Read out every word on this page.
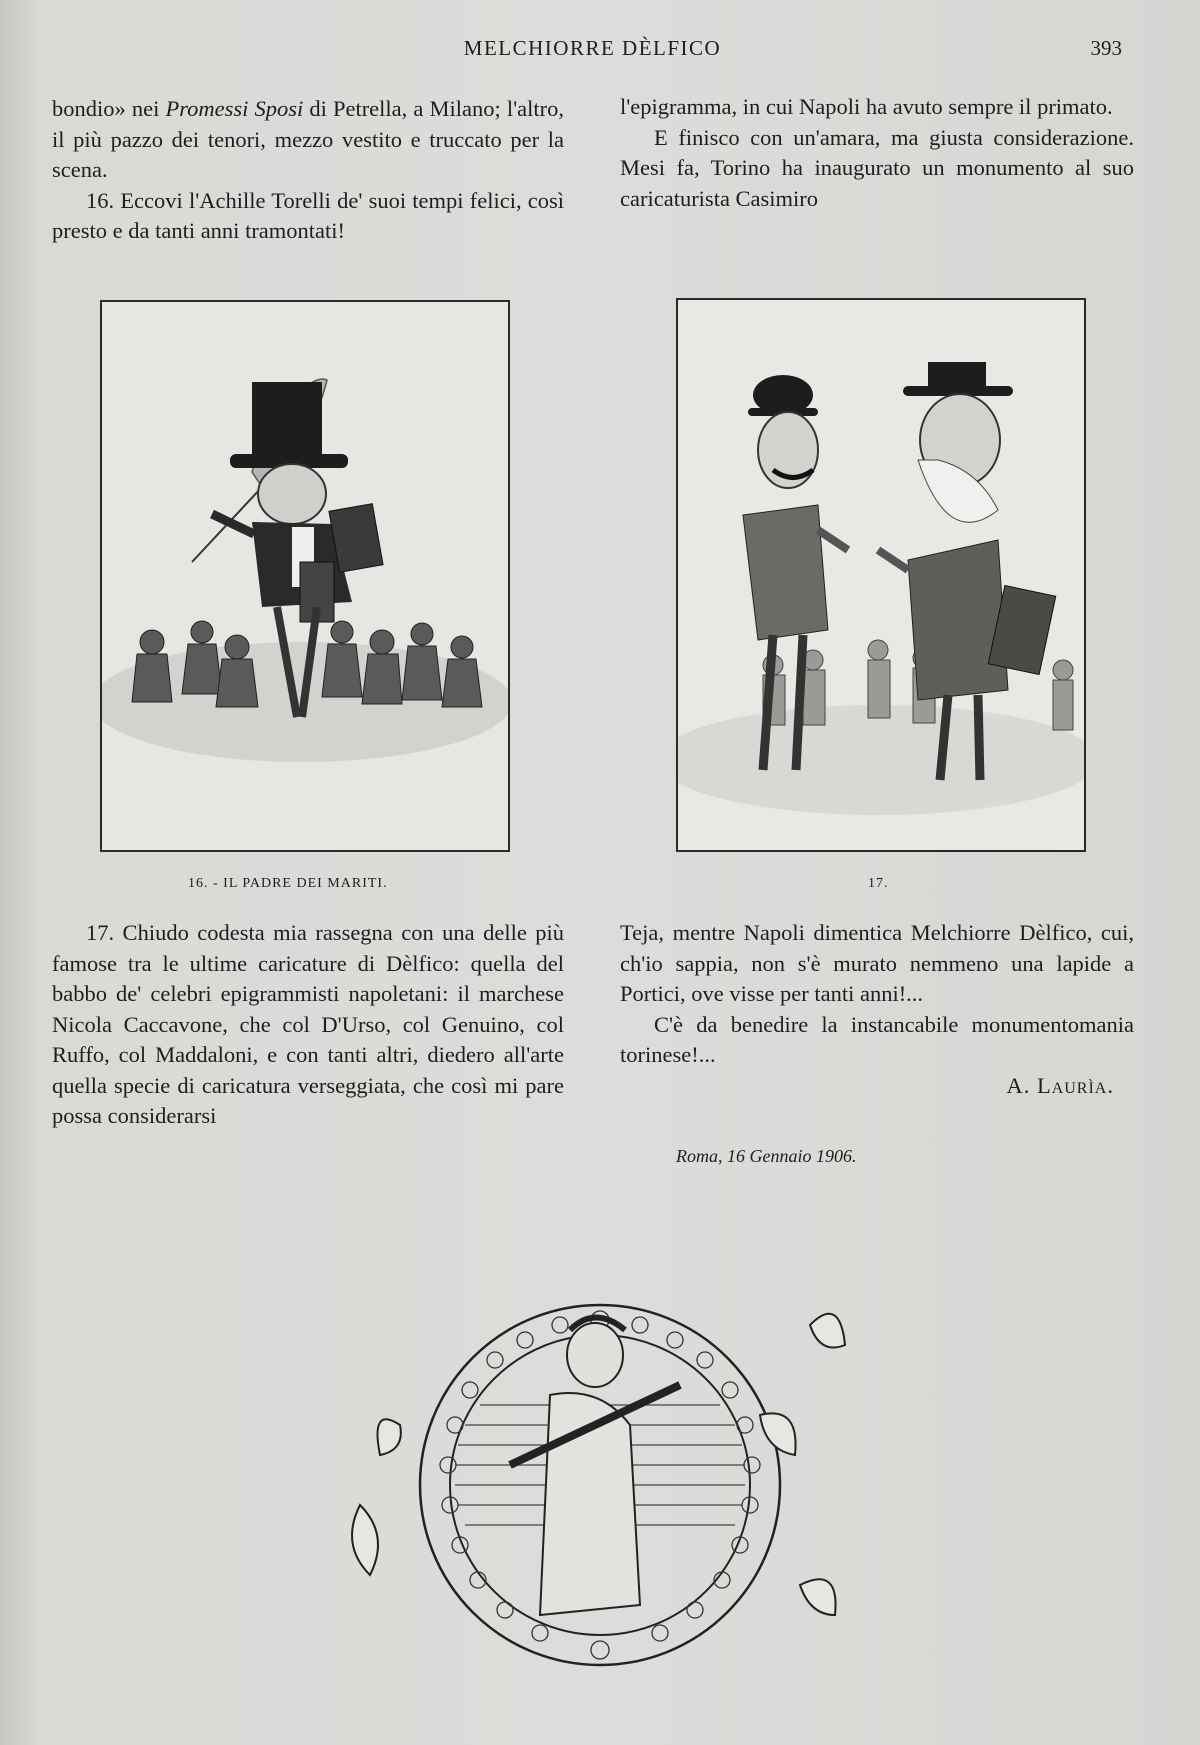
MELCHIORRE DÈLFICO	393

bondio» nei Promessi Sposi di Petrella, a Milano; l'altro, il più pazzo dei tenori, mezzo vestito e truccato per la scena.

16. Eccovi l'Achille Torelli de' suoi tempi felici, così presto e da tanti anni tramontati!

l'epigramma, in cui Napoli ha avuto sempre il primato.

E finisco con un'amara, ma giusta considerazione. Mesi fa, Torino ha inaugurato un monumento al suo caricaturista Casimiro

16. - IL PADRE DEI MARITI.	17.

17. Chiudo codesta mia rassegna con una delle più famose tra le ultime caricature di Dèlfico: quella del babbo de' celebri epigrammisti napoletani: il marchese Nicola Caccavone, che col D'Urso, col Genuino, col Ruffo, col Maddaloni, e con tanti altri, diedero all'arte quella specie di caricatura verseggiata, che così mi pare possa considerarsi

Teja, mentre Napoli dimentica Melchiorre Dèlfico, cui, ch'io sappia, non s'è murato nemmeno una lapide a Portici, ove visse per tanti anni!...

C'è da benedire la instancabile monumentomania torinese!...

A. Laurìa.

Roma, 16 Gennaio 1906.
